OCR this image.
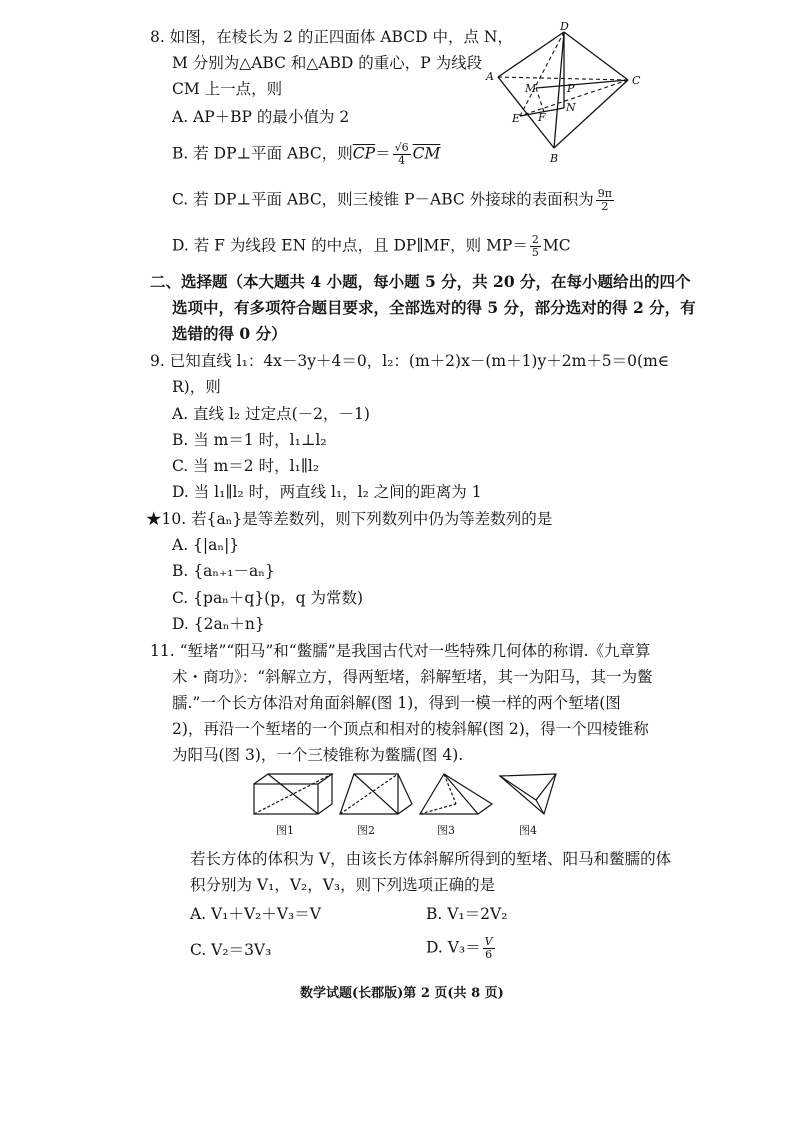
8. 如图，在棱长为 2 的正四面体 ABCD 中，点 N，
M 分别为△ABC 和△ABD 的重心，P 为线段
CM 上一点，则
A. AP＋BP 的最小值为 2
B. 若 DP⊥平面 ABC，则$\overline{CP}= \frac{√6}{4} \overline{CM}$
C. 若 DP⊥平面 ABC，则三棱锥 P－ABC 外接球的表面积为 $\frac{9\pi}{2}$
D. 若 F 为线段 EN 的中点，且 DP∥MF，则 $MP= \frac{2}{5}$ MC
D
A	C
B
M	P
N
E F
二、选择题（本大题共 4 小题，每小题 5 分，共 20 分，在每小题给出的四个
选项中，有多项符合题目要求，全部选对的得 5 分，部分选对的得 2 分，有
选错的得 0 分）
9. 已知直线 l₁：4x－3y＋4＝0，l₂：(m＋2)x－(m＋1)y＋2m＋5＝0(m∈
R)，则
A. 直线 l₂ 过定点(－2，－1)
B. 当 m＝1 时，l₁⊥l₂
C. 当 m＝2 时，l₁∥l₂
D. 当 l₁∥l₂ 时，两直线 l₁，l₂ 之间的距离为 1
★10. 若{aₙ}是等差数列，则下列数列中仍为等差数列的是
A. {|aₙ|}
B. {aₙ₊₁－aₙ}
C. {paₙ＋q}(p，q 为常数)
D. {2aₙ＋n}
11. “堑堵”“阳马”和“鳖臑”是我国古代对一些特殊几何体的称谓.《九章算
术・商功》：“斜解立方，得两堑堵，斜解堑堵，其一为阳马，其一为鳖
臑.”一个长方体沿对角面斜解(图 1)，得到一模一样的两个堑堵(图
2)，再沿一个堑堵的一个顶点和相对的棱斜解(图 2)，得一个四棱锥称
为阳马(图 3)，一个三棱锥称为鳖臑(图 4).
图1	图2	图3	图4
若长方体的体积为 V，由该长方体斜解所得到的堑堵、阳马和鳖臑的体
积分别为 V₁，V₂，V₃，则下列选项正确的是
A. V₁＋V₂＋V₃＝V	B. V₁＝2V₂
C. V₂＝3V₃	D. $V_3= \frac{V}{6}$
数学试题(长郡版)第 2 页(共 8 页)
